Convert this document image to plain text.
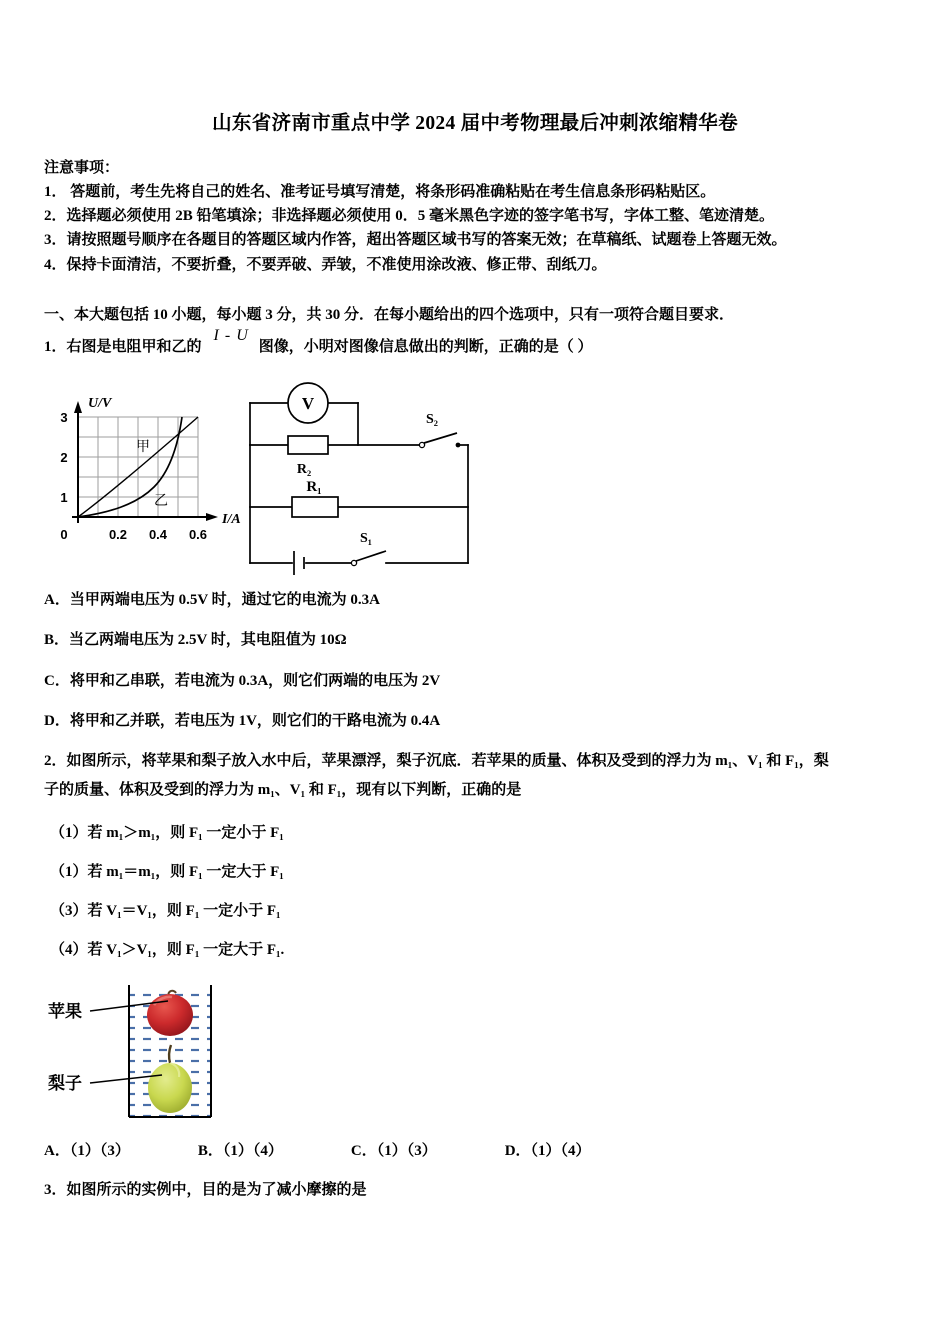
山东省济南市重点中学 2024 届中考物理最后冲刺浓缩精华卷
注意事项：
1． 答题前，考生先将自己的姓名、准考证号填写清楚，将条形码准确粘贴在考生信息条形码粘贴区。
2．选择题必须使用 2B 铅笔填涂；非选择题必须使用 0．5 毫米黑色字迹的签字笔书写，字体工整、笔迹清楚。
3．请按照题号顺序在各题目的答题区域内作答，超出答题区域书写的答案无效；在草稿纸、试题卷上答题无效。
4．保持卡面清洁，不要折叠，不要弄破、弄皱，不准使用涂改液、修正带、刮纸刀。
一、本大题包括 10 小题，每小题 3 分，共 30 分．在每小题给出的四个选项中，只有一项符合题目要求．
1．右图是电阻甲和乙的I - U图像，小明对图像信息做出的判断，正确的是（ ）
3
2
1
0	0.2 0.4 0.6
U/V
I/A
甲
乙
V
R₂
R₁
S₂
S₁
A．当甲两端电压为 0.5V 时，通过它的电流为 0.3A
B．当乙两端电压为 2.5V 时，其电阻值为 10Ω
C．将甲和乙串联，若电流为 0.3A，则它们两端的电压为 2V
D．将甲和乙并联，若电压为 1V，则它们的干路电流为 0.4A
2．如图所示，将苹果和梨子放入水中后，苹果漂浮，梨子沉底．若苹果的质量、体积及受到的浮力为 m₁、V₁ 和 F₁，梨
子的质量、体积及受到的浮力为 m₁、V₁ 和 F₁，现有以下判断，正确的是
（1）若 m₁＞m₁，则 F₁ 一定小于 F₁
（1）若 m₁＝m₁，则 F₁ 一定大于 F₁
（3）若 V₁＝V₁，则 F₁ 一定小于 F₁
（4）若 V₁＞V₁，则 F₁ 一定大于 F₁.
苹果
梨子
A．（1）（3）	B．（1）（4）	C．（1）（3）	D．（1）（4）
3．如图所示的实例中，目的是为了减小摩擦的是
